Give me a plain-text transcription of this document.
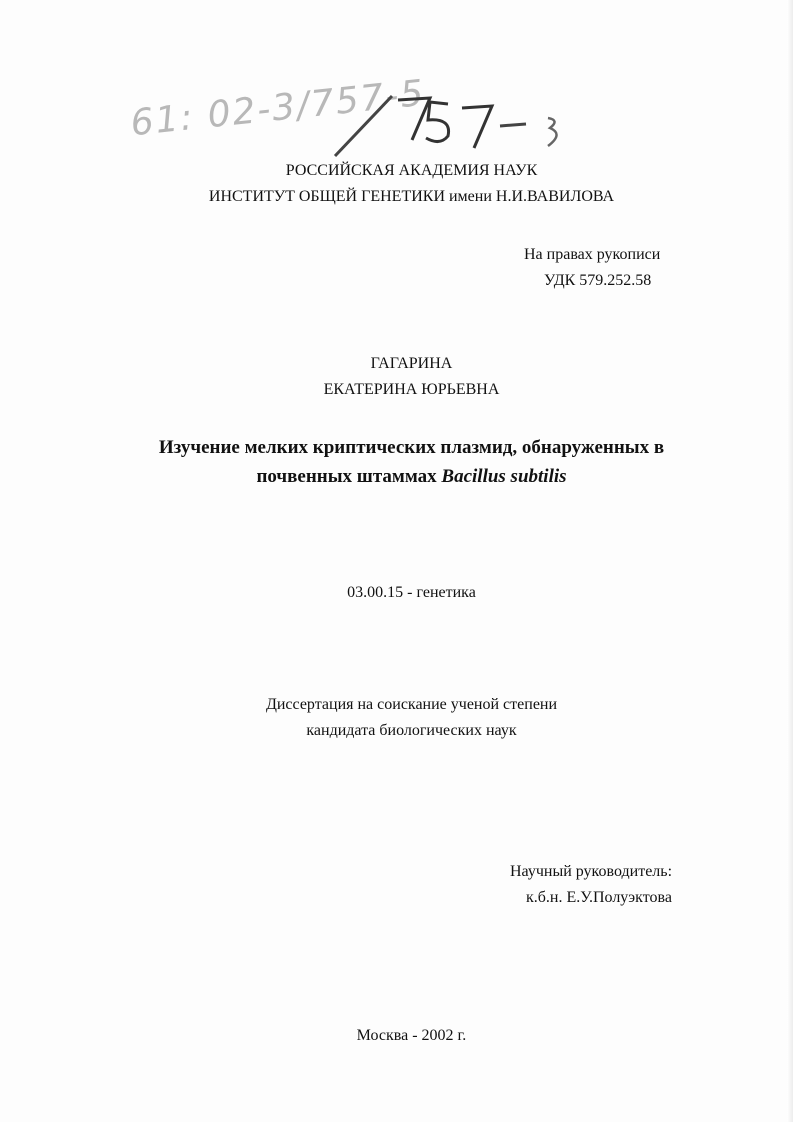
61: 02-3/757-5
РОССИЙСКАЯ АКАДЕМИЯ НАУК
ИНСТИТУТ ОБЩЕЙ ГЕНЕТИКИ имени Н.И.ВАВИЛОВА
На правах рукописи
УДК 579.252.58
ГАГАРИНА
ЕКАТЕРИНА ЮРЬЕВНА
Изучение мелких криптических плазмид, обнаруженных в
почвенных штаммах Bacillus subtilis
03.00.15 - генетика
Диссертация на соискание ученой степени
кандидата биологических наук
Научный руководитель:
к.б.н. Е.У.Полуэктова
Москва - 2002 г.
